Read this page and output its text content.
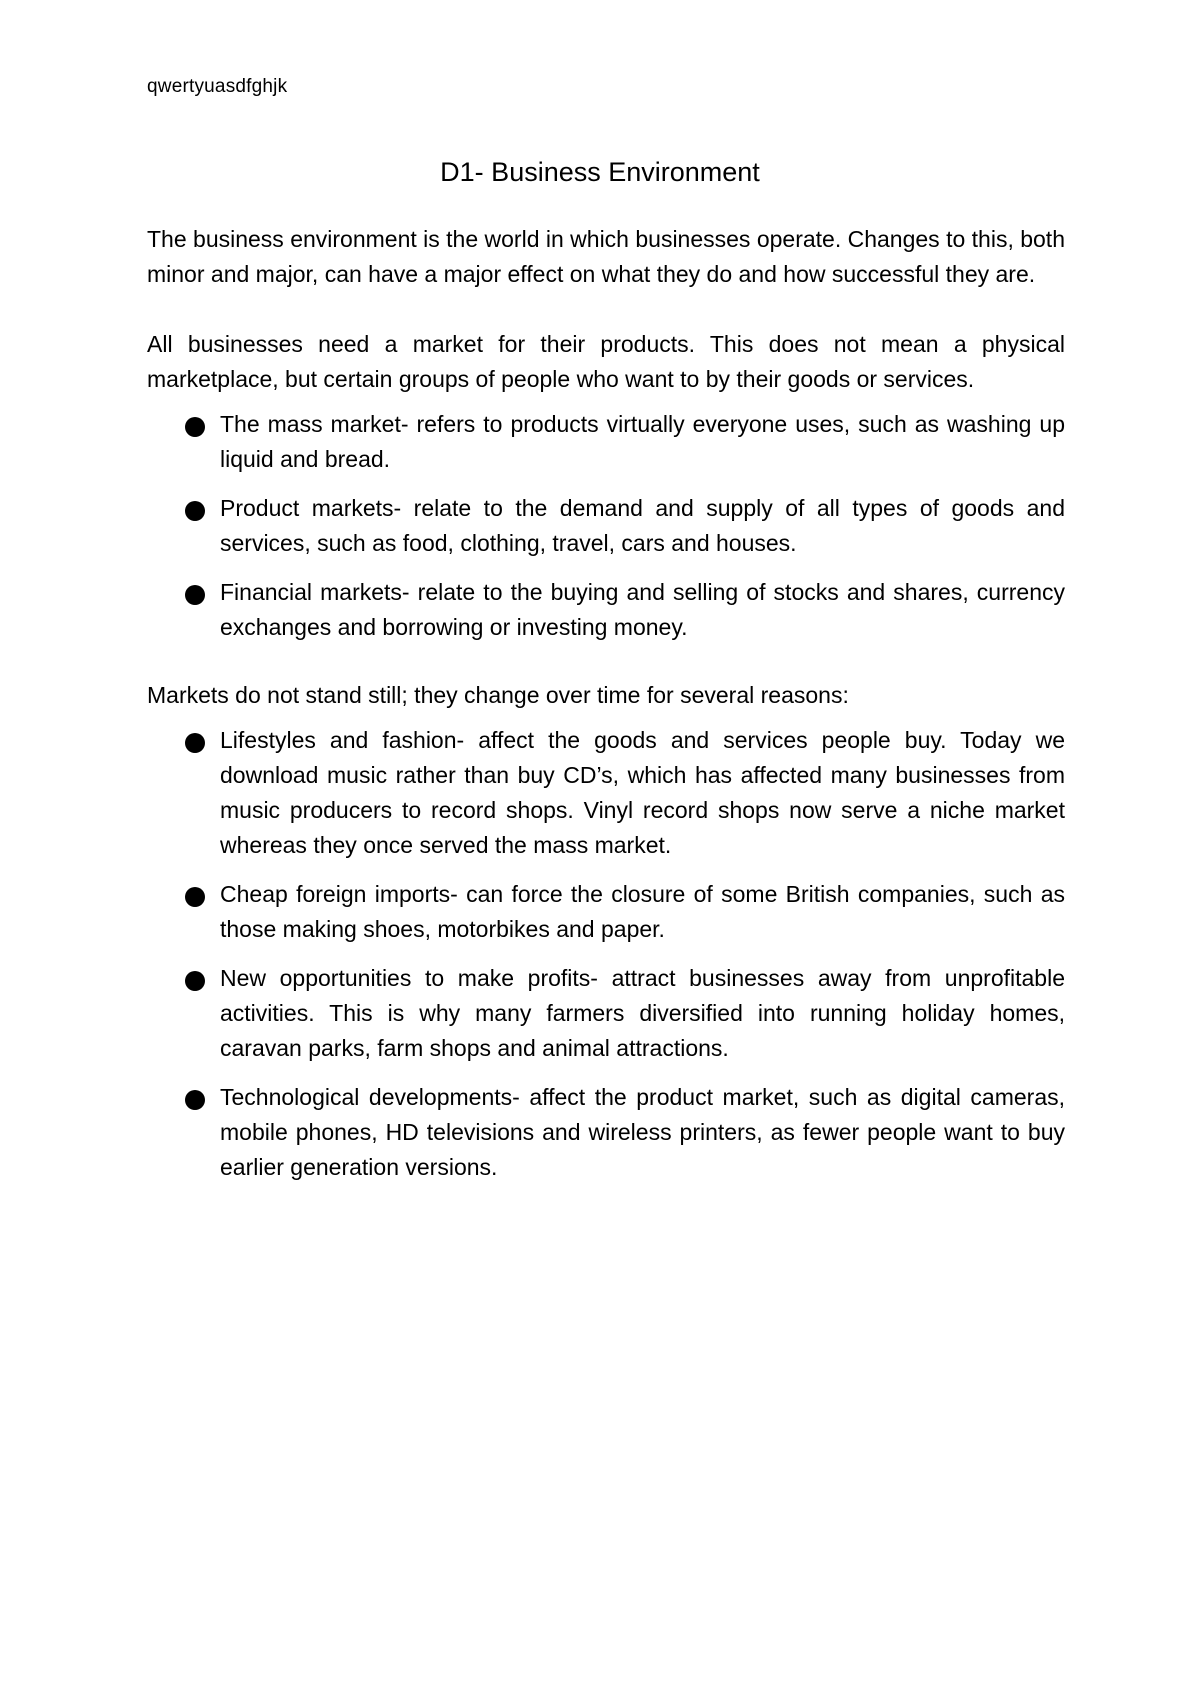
qwertyuasdfghjk
D1- Business Environment

The business environment is the world in which businesses operate. Changes to this, both minor and major, can have a major effect on what they do and how successful they are.

All businesses need a market for their products. This does not mean a physical marketplace, but certain groups of people who want to by their goods or services.

The mass market- refers to products virtually everyone uses, such as washing up liquid and bread.
Product markets- relate to the demand and supply of all types of goods and services, such as food, clothing, travel, cars and houses.
Financial markets- relate to the buying and selling of stocks and shares, currency exchanges and borrowing or investing money.

Markets do not stand still; they change over time for several reasons:

Lifestyles and fashion- affect the goods and services people buy. Today we download music rather than buy CD’s, which has affected many businesses from music producers to record shops. Vinyl record shops now serve a niche market whereas they once served the mass market.
Cheap foreign imports- can force the closure of some British companies, such as those making shoes, motorbikes and paper.
New opportunities to make profits- attract businesses away from unprofitable activities. This is why many farmers diversified into running holiday homes, caravan parks, farm shops and animal attractions.
Technological developments- affect the product market, such as digital cameras, mobile phones, HD televisions and wireless printers, as fewer people want to buy earlier generation versions.
